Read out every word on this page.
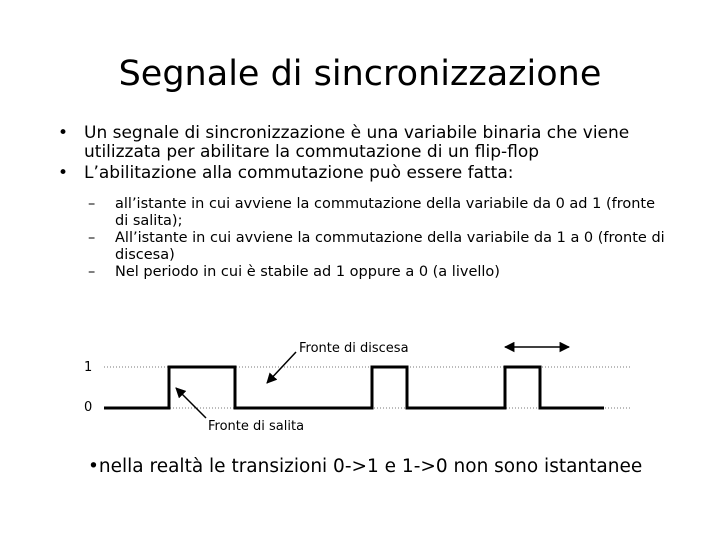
Segnale di sincronizzazione
• Un segnale di sincronizzazione è una variabile binaria che viene utilizzata per abilitare la commutazione di un flip-flop
• L’abilitazione alla commutazione può essere fatta:
– all’istante in cui avviene la commutazione della variabile da 0 ad 1 (fronte di salita);
– All’istante in cui avviene la commutazione della variabile da 1 a 0 (fronte di discesa)
– Nel periodo in cui è stabile ad 1 oppure a 0 (a livello)
1
0
Fronte di discesa
Fronte di salita
•nella realtà le transizioni 0->1 e 1->0 non sono istantanee
